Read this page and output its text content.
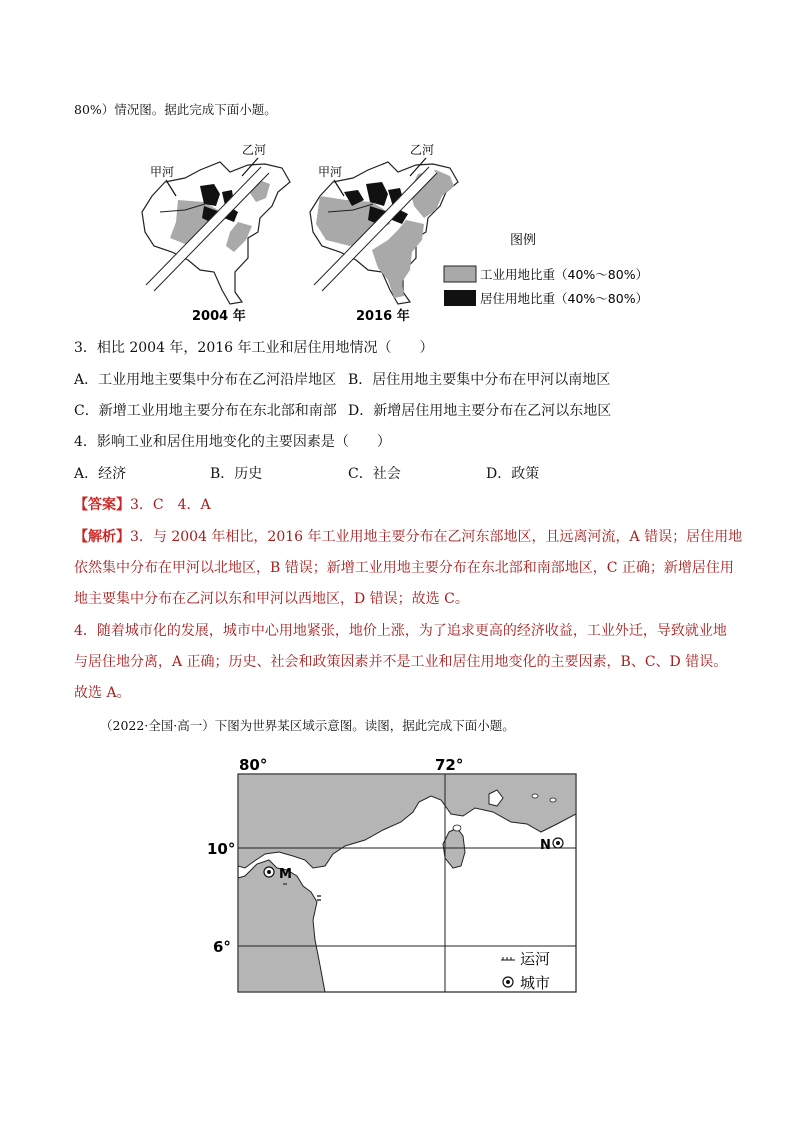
80%）情况图。据此完成下面小题。
甲河
乙河
2004 年
甲河
乙河
2016 年
图例
工业用地比重（40%～80%）
居住用地比重（40%～80%）
3．相比 2004 年，2016 年工业和居住用地情况（　　）
A．工业用地主要集中分布在乙河沿岸地区 B．居住用地主要集中分布在甲河以南地区
C．新增工业用地主要分布在东北部和南部 D．新增居住用地主要分布在乙河以东地区
4．影响工业和居住用地变化的主要因素是（　　）
A．经济	B．历史	C．社会	D．政策
【答案】3．C　4．A
【解析】3．与 2004 年相比，2016 年工业用地主要分布在乙河东部地区，且远离河流，A 错误；居住用地
依然集中分布在甲河以北地区，B 错误；新增工业用地主要分布在东北部和南部地区，C 正确；新增居住用
地主要集中分布在乙河以东和甲河以西地区，D 错误；故选 C。
4．随着城市化的发展，城市中心用地紧张，地价上涨，为了追求更高的经济收益，工业外迁，导致就业地
与居住地分离，A 正确；历史、社会和政策因素并不是工业和居住用地变化的主要因素，B、C、D 错误。
故选 A。
（2022·全国·高一）下图为世界某区域示意图。读图，据此完成下面小题。
80°	72°
10°
6°
M
N
运河
城市
